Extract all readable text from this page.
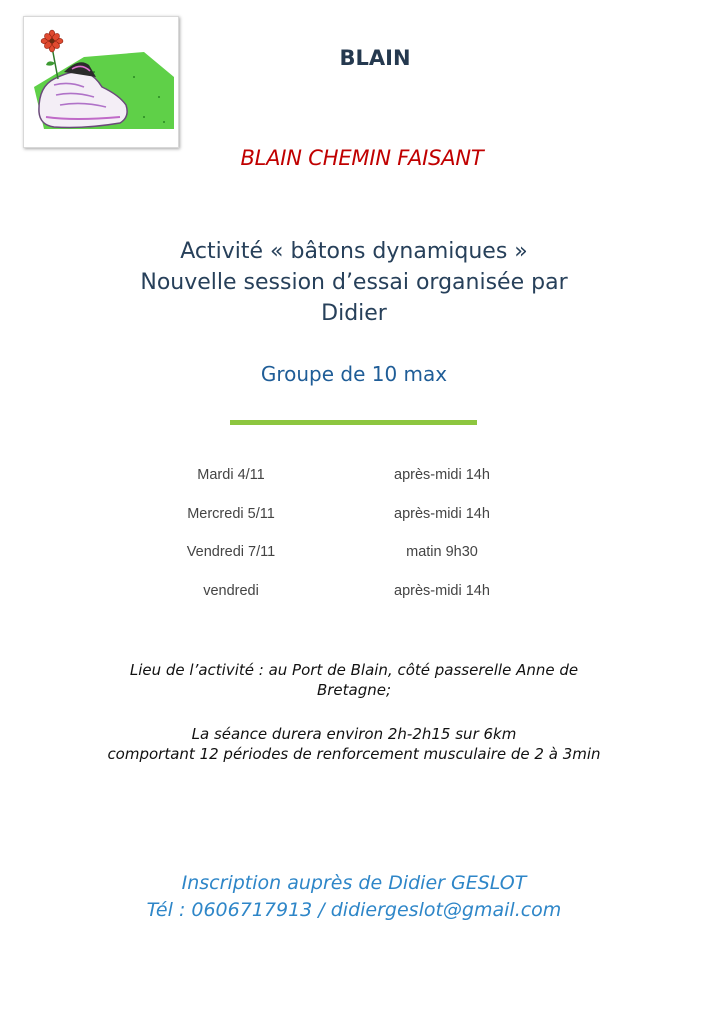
BLAIN
BLAIN CHEMIN FAISANT
Activité « bâtons dynamiques »
Nouvelle session d’essai organisée par
Didier
Groupe de 10 max
Mardi 4/11	après-midi 14h
Mercredi 5/11	après-midi 14h
Vendredi 7/11	matin 9h30
vendredi	après-midi 14h

Lieu de l’activité : au Port de Blain, côté passerelle Anne de

Bretagne;

La séance durera environ 2h-2h15 sur 6km

comportant 12 périodes de renforcement musculaire de 2 à 3min

Inscription auprès de Didier GESLOT

Tél : 0606717913 / didiergeslot@gmail.com
